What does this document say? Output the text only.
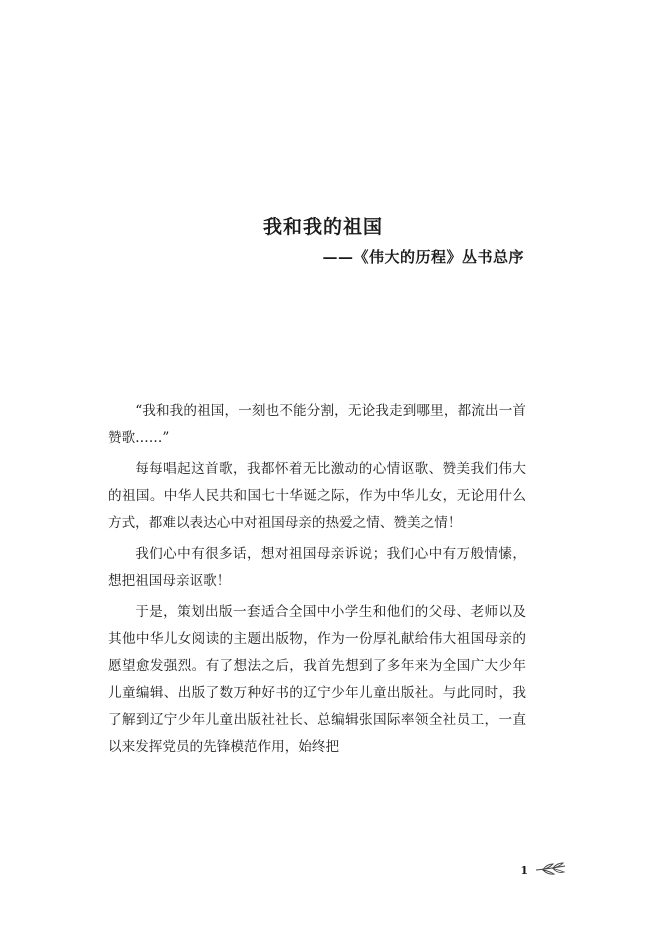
我和我的祖国
——《伟大的历程》丛书总序

“我和我的祖国，一刻也不能分割，无论我走到哪里，都流出一首赞歌……”

每每唱起这首歌，我都怀着无比激动的心情讴歌、赞美我们伟大的祖国。中华人民共和国七十华诞之际，作为中华儿女，无论用什么方式，都难以表达心中对祖国母亲的热爱之情、赞美之情！

我们心中有很多话，想对祖国母亲诉说；我们心中有万般情愫，想把祖国母亲讴歌！

于是，策划出版一套适合全国中小学生和他们的父母、老师以及其他中华儿女阅读的主题出版物，作为一份厚礼献给伟大祖国母亲的愿望愈发强烈。有了想法之后，我首先想到了多年来为全国广大少年儿童编辑、出版了数万种好书的辽宁少年儿童出版社。与此同时，我了解到辽宁少年儿童出版社社长、总编辑张国际率领全社员工，一直以来发挥党员的先锋模范作用，始终把

1
